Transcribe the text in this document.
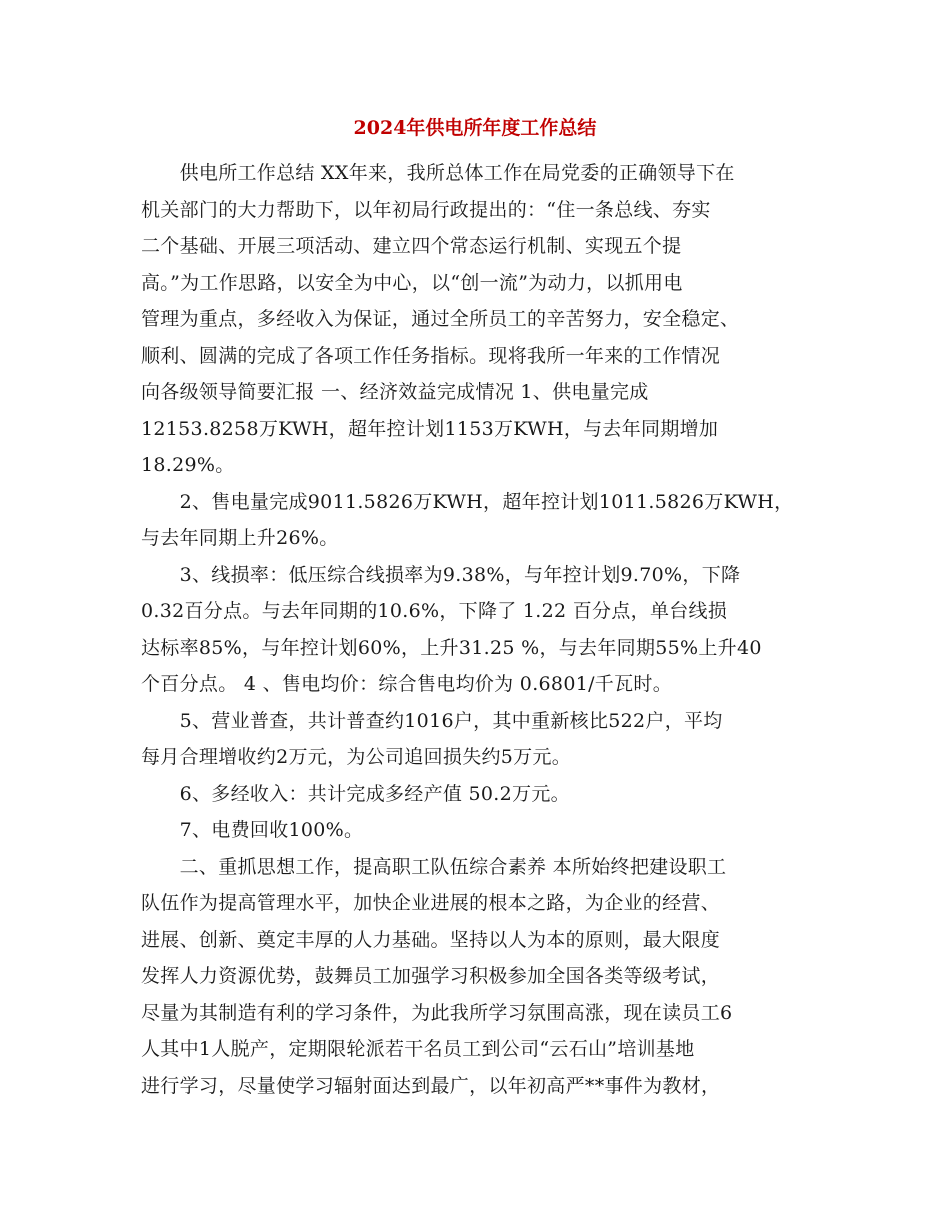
2024年供电所年度工作总结

　　供电所工作总结 XX年来，我所总体工作在局党委的正确领导下在
机关部门的大力帮助下，以年初局行政提出的：“住一条总线、夯实
二个基础、开展三项活动、建立四个常态运行机制、实现五个提
高。”为工作思路，以安全为中心，以“创一流”为动力，以抓用电
管理为重点，多经收入为保证，通过全所员工的辛苦努力，安全稳定、
顺利、圆满的完成了各项工作任务指标。现将我所一年来的工作情况
向各级领导简要汇报 一、经济效益完成情况 1、供电量完成
12153.8258万KWH，超年控计划1153万KWH，与去年同期增加
18.29%。

　　2、售电量完成9011.5826万KWH，超年控计划1011.5826万KWH，
与去年同期上升26%。

　　3、线损率：低压综合线损率为9.38%，与年控计划9.70%，下降
0.32百分点。与去年同期的10.6%，下降了 1.22 百分点，单台线损
达标率85%，与年控计划60%，上升31.25 %，与去年同期55%上升40
个百分点。 4 、售电均价：综合售电均价为 0.6801/千瓦时。

　　5、营业普查，共计普查约1016户，其中重新核比522户，平均
每月合理增收约2万元，为公司追回损失约5万元。

　　6、多经收入：共计完成多经产值 50.2万元。

　　7、电费回收100%。

　　二、重抓思想工作，提高职工队伍综合素养 本所始终把建设职工
队伍作为提高管理水平，加快企业进展的根本之路，为企业的经营、
进展、创新、奠定丰厚的人力基础。坚持以人为本的原则，最大限度
发挥人力资源优势，鼓舞员工加强学习积极参加全国各类等级考试，
尽量为其制造有利的学习条件，为此我所学习氛围高涨，现在读员工6
人其中1人脱产，定期限轮派若干名员工到公司“云石山”培训基地
进行学习，尽量使学习辐射面达到最广，以年初高严**事件为教材，
